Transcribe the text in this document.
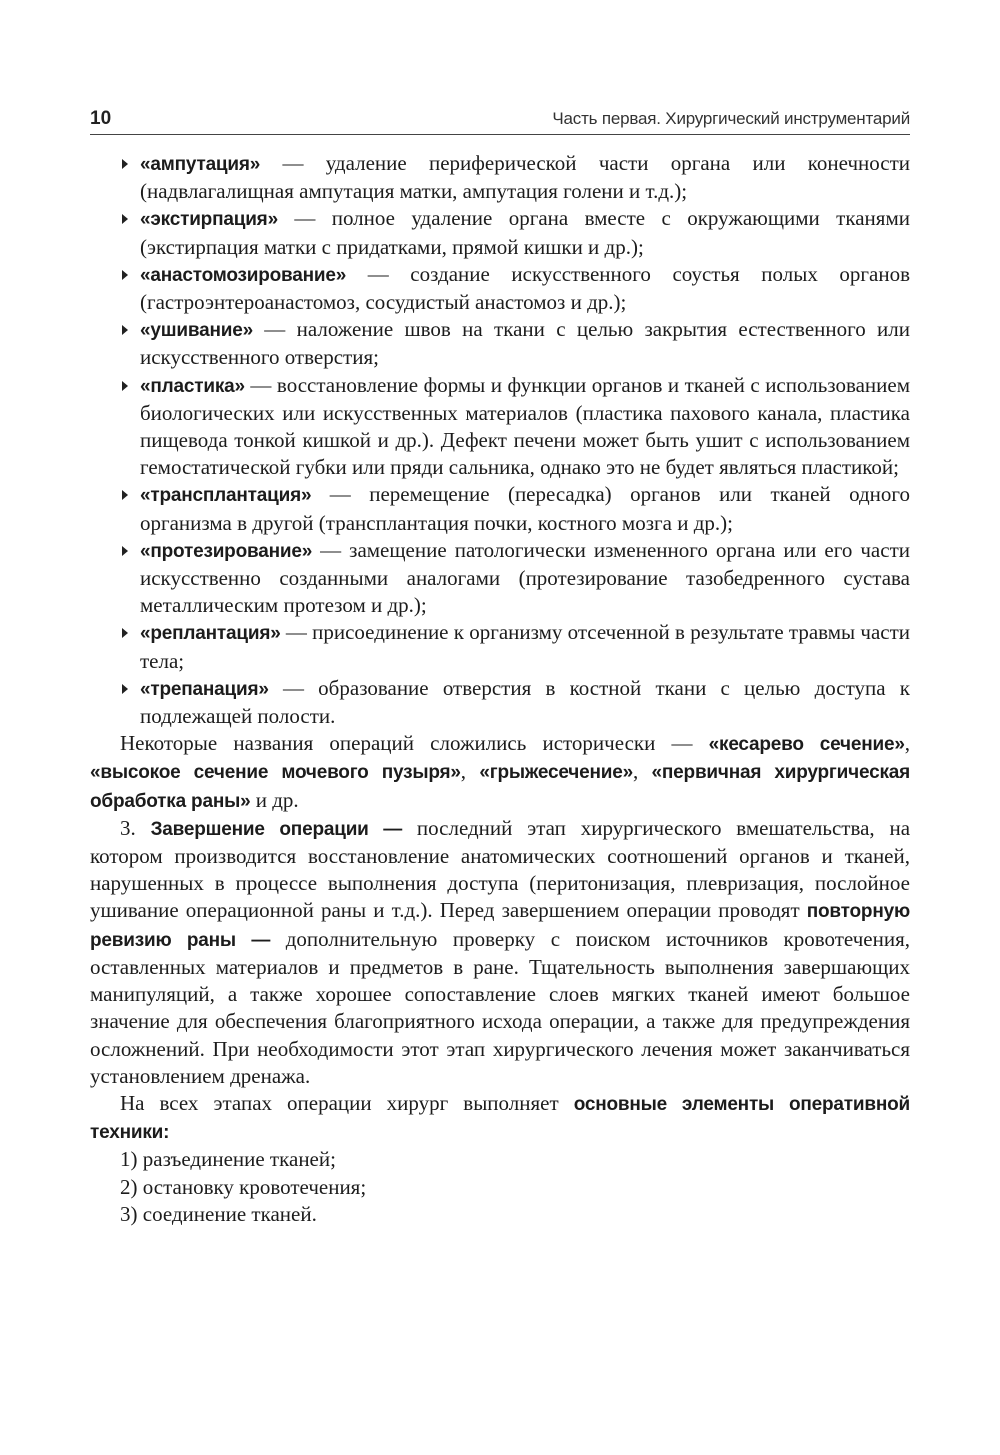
10	Часть первая. Хирургический инструментарий
«ампутация» — удаление периферической части органа или конечности (надвлагалищная ампутация матки, ампутация голени и т.д.);
«экстирпация» — полное удаление органа вместе с окружающими тканями (экстирпация матки с придатками, прямой кишки и др.);
«анастомозирование» — создание искусственного соустья полых органов (гастроэнтероанастомоз, сосудистый анастомоз и др.);
«ушивание» — наложение швов на ткани с целью закрытия естественного или искусственного отверстия;
«пластика» — восстановление формы и функции органов и тканей с использованием биологических или искусственных материалов (пластика пахового канала, пластика пищевода тонкой кишкой и др.). Дефект печени может быть ушит с использованием гемостатической губки или пряди сальника, однако это не будет являться пластикой;
«трансплантация» — перемещение (пересадка) органов или тканей одного организма в другой (трансплантация почки, костного мозга и др.);
«протезирование» — замещение патологически измененного органа или его части искусственно созданными аналогами (протезирование тазобедренного сустава металлическим протезом и др.);
«реплантация» — присоединение к организму отсеченной в результате травмы части тела;
«трепанация» — образование отверстия в костной ткани с целью доступа к подлежащей полости.

Некоторые названия операций сложились исторически — «кесарево сечение», «высокое сечение мочевого пузыря», «грыжесечение», «первичная хирургическая обработка раны» и др.

3. Завершение операции — последний этап хирургического вмешательства, на котором производится восстановление анатомических соотношений органов и тканей, нарушенных в процессе выполнения доступа (перитонизация, плевризация, послойное ушивание операционной раны и т.д.). Перед завершением операции проводят повторную ревизию раны — дополнительную проверку с поиском источников кровотечения, оставленных материалов и предметов в ране. Тщательность выполнения завершающих манипуляций, а также хорошее сопоставление слоев мягких тканей имеют большое значение для обеспечения благоприятного исхода операции, а также для предупреждения осложнений. При необходимости этот этап хирургического лечения может заканчиваться установлением дренажа.

На всех этапах операции хирург выполняет основные элементы оперативной техники:

1) разъединение тканей;
2) остановку кровотечения;
3) соединение тканей.
